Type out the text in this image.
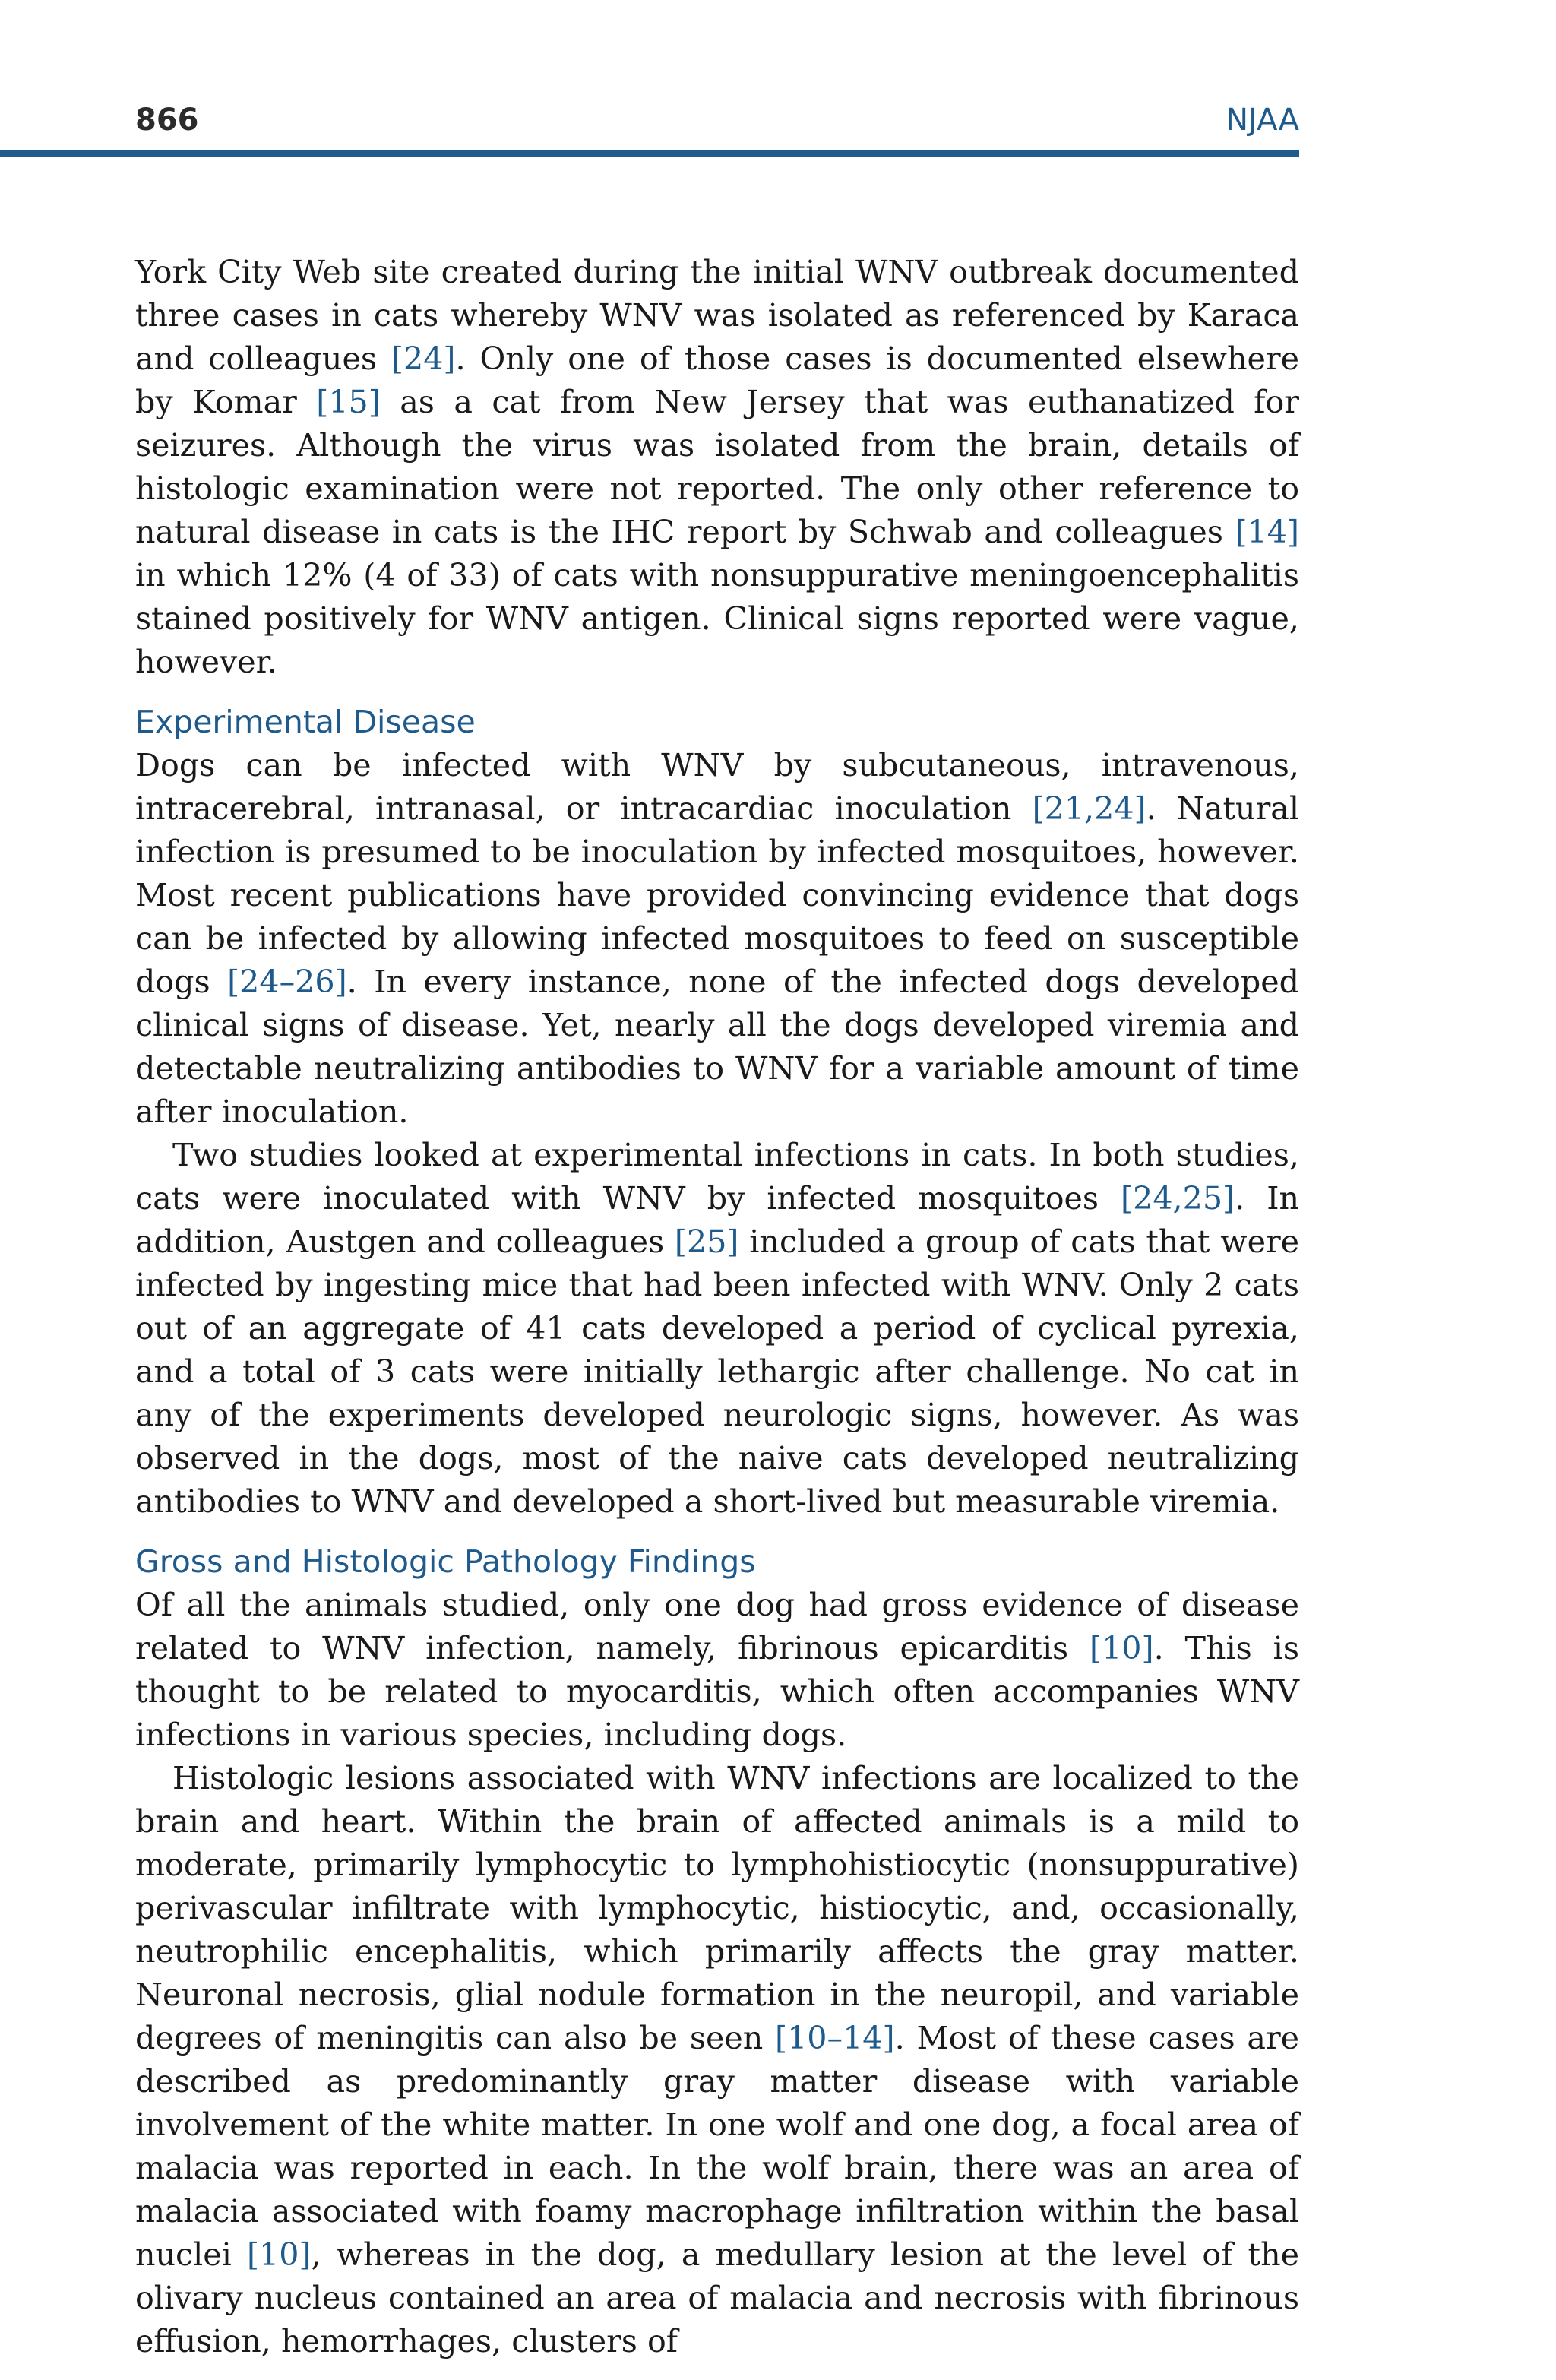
866	NJAA

York City Web site created during the initial WNV outbreak documented three cases in cats whereby WNV was isolated as referenced by Karaca and colleagues [24]. Only one of those cases is documented elsewhere by Komar [15] as a cat from New Jersey that was euthanatized for seizures. Although the virus was isolated from the brain, details of histologic examination were not reported. The only other reference to natural disease in cats is the IHC report by Schwab and colleagues [14] in which 12% (4 of 33) of cats with nonsuppurative meningoencephalitis stained positively for WNV antigen. Clinical signs reported were vague, however.

Experimental Disease

Dogs can be infected with WNV by subcutaneous, intravenous, intracerebral, intranasal, or intracardiac inoculation [21,24]. Natural infection is presumed to be inoculation by infected mosquitoes, however. Most recent publications have provided convincing evidence that dogs can be infected by allowing infected mosquitoes to feed on susceptible dogs [24–26]. In every instance, none of the infected dogs developed clinical signs of disease. Yet, nearly all the dogs developed viremia and detectable neutralizing antibodies to WNV for a variable amount of time after inoculation.

Two studies looked at experimental infections in cats. In both studies, cats were inoculated with WNV by infected mosquitoes [24,25]. In addition, Austgen and colleagues [25] included a group of cats that were infected by ingesting mice that had been infected with WNV. Only 2 cats out of an aggregate of 41 cats developed a period of cyclical pyrexia, and a total of 3 cats were initially lethargic after challenge. No cat in any of the experiments developed neurologic signs, however. As was observed in the dogs, most of the naive cats developed neutralizing antibodies to WNV and developed a short-lived but measurable viremia.

Gross and Histologic Pathology Findings

Of all the animals studied, only one dog had gross evidence of disease related to WNV infection, namely, fibrinous epicarditis [10]. This is thought to be related to myocarditis, which often accompanies WNV infections in various species, including dogs.

Histologic lesions associated with WNV infections are localized to the brain and heart. Within the brain of affected animals is a mild to moderate, primarily lymphocytic to lymphohistiocytic (nonsuppurative) perivascular infiltrate with lymphocytic, histiocytic, and, occasionally, neutrophilic encephalitis, which primarily affects the gray matter. Neuronal necrosis, glial nodule formation in the neuropil, and variable degrees of meningitis can also be seen [10–14]. Most of these cases are described as predominantly gray matter disease with variable involvement of the white matter. In one wolf and one dog, a focal area of malacia was reported in each. In the wolf brain, there was an area of malacia associated with foamy macrophage infiltration within the basal nuclei [10], whereas in the dog, a medullary lesion at the level of the olivary nucleus contained an area of malacia and necrosis with fibrinous effusion, hemorrhages, clusters of
